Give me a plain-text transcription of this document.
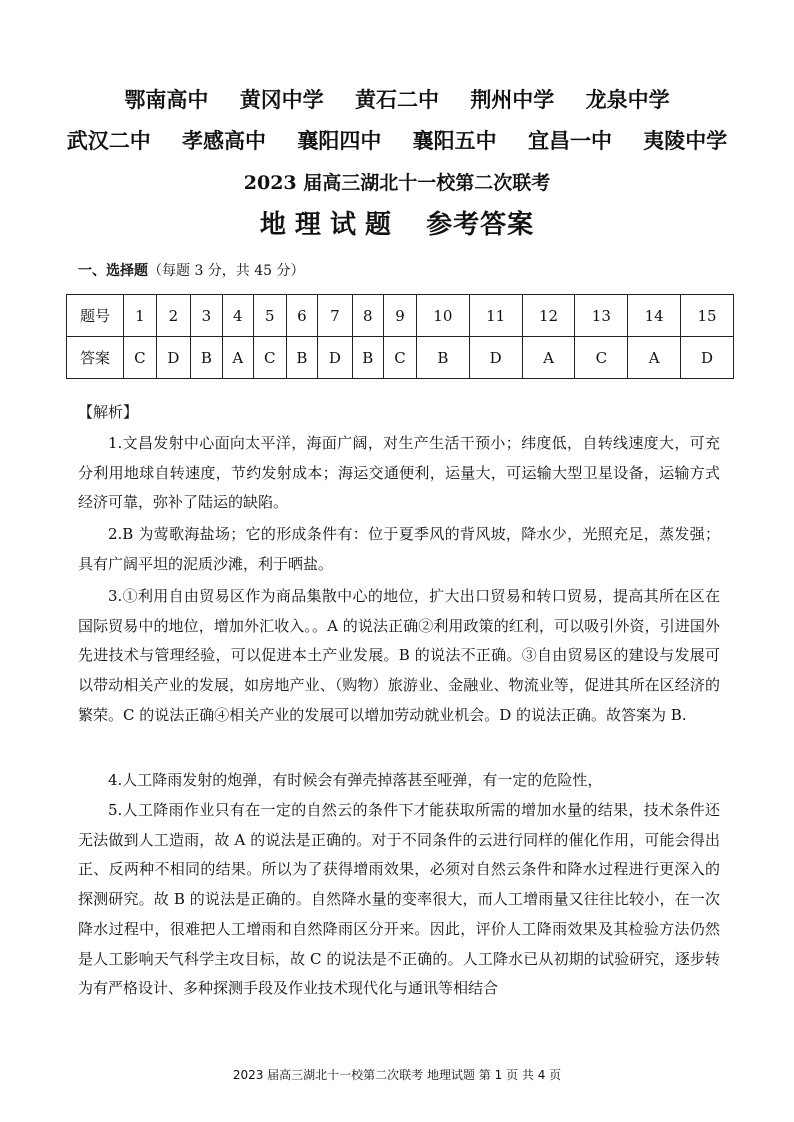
鄂南高中 黄冈中学 黄石二中 荆州中学 龙泉中学
武汉二中 孝感高中 襄阳四中 襄阳五中 宜昌一中 夷陵中学
2023 届高三湖北十一校第二次联考
地 理 试 题 参考答案
一、选择题（每题 3 分，共 45 分）
题号	1	2	3	4	5	6	7	8	9	10	11	12	13	14	15
答案	C	D	B	A	C	B	D	B	C	B	D	A	C	A	D
【解析】
1.文昌发射中心面向太平洋，海面广阔，对生产生活干预小；纬度低，自转线速度大，可充分利用地球自转速度，节约发射成本；海运交通便利，运量大，可运输大型卫星设备，运输方式经济可靠，弥补了陆运的缺陷。
2.B 为莺歌海盐场；它的形成条件有：位于夏季风的背风坡，降水少，光照充足，蒸发强；具有广阔平坦的泥质沙滩，利于晒盐。
3.①利用自由贸易区作为商品集散中心的地位，扩大出口贸易和转口贸易，提高其所在区在国际贸易中的地位，增加外汇收入。。A 的说法正确②利用政策的红利，可以吸引外资，引进国外先进技术与管理经验，可以促进本土产业发展。B 的说法不正确。③自由贸易区的建设与发展可以带动相关产业的发展，如房地产业、（购物）旅游业、金融业、物流业等，促进其所在区经济的繁荣。C 的说法正确④相关产业的发展可以增加劳动就业机会。D 的说法正确。故答案为 B.
4.人工降雨发射的炮弹，有时候会有弹壳掉落甚至哑弹，有一定的危险性，
5.人工降雨作业只有在一定的自然云的条件下才能获取所需的增加水量的结果，技术条件还无法做到人工造雨，故 A 的说法是正确的。对于不同条件的云进行同样的催化作用，可能会得出正、反两种不相同的结果。所以为了获得增雨效果，必须对自然云条件和降水过程进行更深入的探测研究。故 B 的说法是正确的。自然降水量的变率很大，而人工增雨量又往往比较小，在一次降水过程中，很难把人工增雨和自然降雨区分开来。因此，评价人工降雨效果及其检验方法仍然是人工影响天气科学主攻目标，故 C 的说法是不正确的。人工降水已从初期的试验研究，逐步转为有严格设计、多种探测手段及作业技术现代化与通讯等相结合
2023 届高三湖北十一校第二次联考 地理试题 第 1 页 共 4 页
